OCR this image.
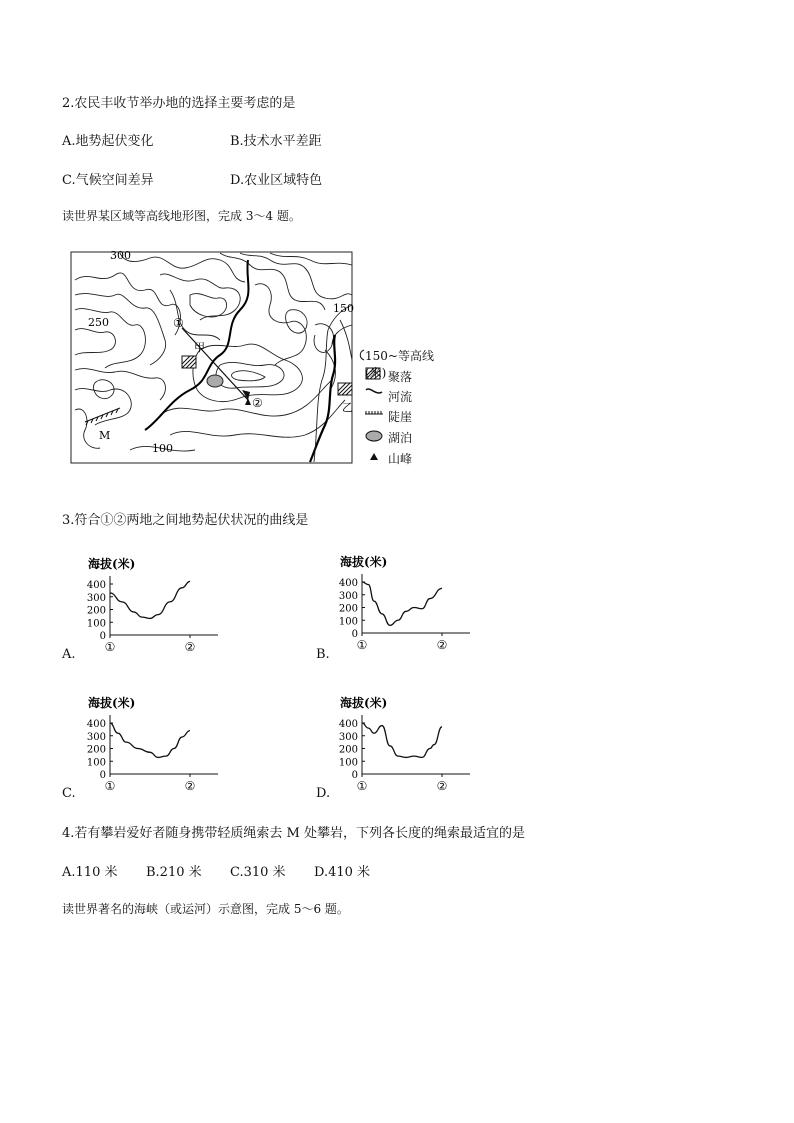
2.农民丰收节举办地的选择主要考虑的是
A.地势起伏变化	B.技术水平差距
C.气候空间差异	D.农业区域特色
读世界某区域等高线地形图，完成 3～4 题。
300
250
150
100
①
②
甲
乙
M
150~等高线(米) 聚落
河流
陡崖
湖泊
山峰
3.符合①②两地之间地势起伏状况的曲线是
海拔(米)
400
300
200
100
0
①	②
海拔(米)
400
300
200
100
0
①	②
海拔(米)
400
300
200
100
0
①	②
海拔(米)
400
300
200
100
0
①	②
A.	B.
C.	D.
4.若有攀岩爱好者随身携带轻质绳索去 M 处攀岩，下列各长度的绳索最适宜的是
A.110 米 B.210 米 C.310 米 D.410 米
读世界著名的海峡（或运河）示意图，完成 5～6 题。
